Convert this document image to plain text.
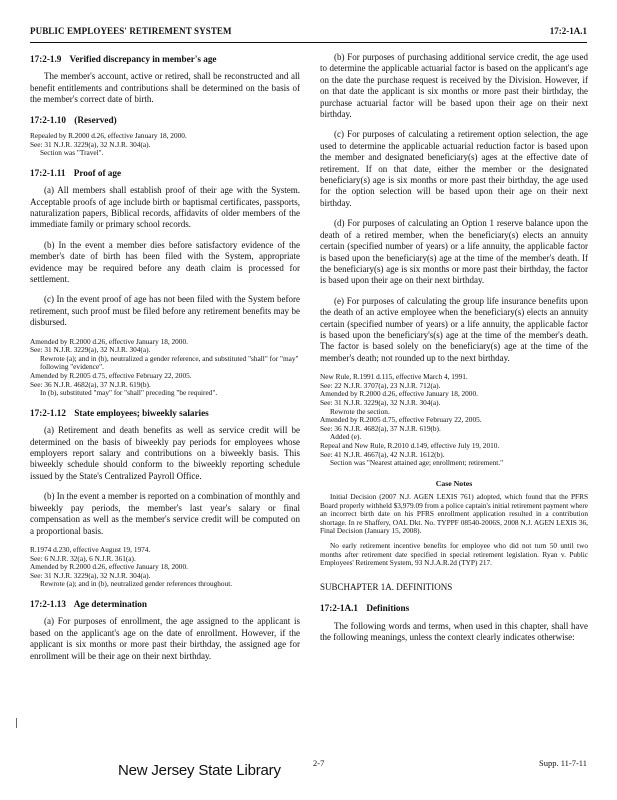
PUBLIC EMPLOYEES' RETIREMENT SYSTEM	17:2-1A.1
17:2-1.9 Verified discrepancy in member's age

The member's account, active or retired, shall be reconstructed and all benefit entitlements and contributions shall be determined on the basis of the member's correct date of birth.

17:2-1.10 (Reserved)
Repealed by R.2000 d.26, effective January 18, 2000.
See: 31 N.J.R. 3229(a), 32 N.J.R. 304(a).
Section was "Travel".
17:2-1.11 Proof of age

(a) All members shall establish proof of their age with the System. Acceptable proofs of age include birth or baptismal certificates, passports, naturalization papers, Biblical records, affidavits of older members of the immediate family or primary school records.

(b) In the event a member dies before satisfactory evidence of the member's date of birth has been filed with the System, appropriate evidence may be required before any death claim is processed for settlement.

(c) In the event proof of age has not been filed with the System before retirement, such proof must be filed before any retirement benefits may be disbursed.

Amended by R.2000 d.26, effective January 18, 2000.
See: 31 N.J.R. 3229(a), 32 N.J.R. 304(a).
Rewrote (a); and in (b), neutralized a gender reference, and substituted "shall" for "may" following "evidence".
Amended by R.2005 d.75, effective February 22, 2005.
See: 36 N.J.R. 4682(a), 37 N.J.R. 619(b).
In (b), substituted "may" for "shall" preceding "be required".
17:2-1.12 State employees; biweekly salaries

(a) Retirement and death benefits as well as service credit will be determined on the basis of biweekly pay periods for employees whose employers report salary and contributions on a biweekly basis. This biweekly schedule should conform to the biweekly reporting schedule issued by the State's Centralized Payroll Office.

(b) In the event a member is reported on a combination of monthly and biweekly pay periods, the member's last year's salary or final compensation as well as the member's service credit will be computed on a proportional basis.

R.1974 d.230, effective August 19, 1974.
See: 6 N.J.R. 32(a), 6 N.J.R. 361(a).
Amended by R.2000 d.26, effective January 18, 2000.
See: 31 N.J.R. 3229(a), 32 N.J.R. 304(a).
Rewrote (a); and in (b), neutralized gender references throughout.
17:2-1.13 Age determination

(a) For purposes of enrollment, the age assigned to the applicant is based on the applicant's age on the date of enrollment. However, if the applicant is six months or more past their birthday, the assigned age for enrollment will be their age on their next birthday.

(b) For purposes of purchasing additional service credit, the age used to determine the applicable actuarial factor is based on the applicant's age on the date the purchase request is received by the Division. However, if on that date the applicant is six months or more past their birthday, the purchase actuarial factor will be based upon their age on their next birthday.

(c) For purposes of calculating a retirement option selection, the age used to determine the applicable actuarial reduction factor is based upon the member and designated beneficiary(s) ages at the effective date of retirement. If on that date, either the member or the designated beneficiary(s) age is six months or more past their birthday, the age used for the option selection will be based upon their age on their next birthday.

(d) For purposes of calculating an Option 1 reserve balance upon the death of a retired member, when the beneficiary(s) elects an annuity certain (specified number of years) or a life annuity, the applicable factor is based upon the beneficiary(s) age at the time of the member's death. If the beneficiary(s) age is six months or more past their birthday, the factor is based upon their age on their next birthday.

(e) For purposes of calculating the group life insurance benefits upon the death of an active employee when the beneficiary(s) elects an annuity certain (specified number of years) or a life annuity, the applicable factor is based upon the beneficiary's(s) age at the time of the member's death. The factor is based solely on the beneficiary(s) age at the time of the member's death; not rounded up to the next birthday.

New Rule, R.1991 d.115, effective March 4, 1991.
See: 22 N.J.R. 3707(a), 23 N.J.R. 712(a).
Amended by R.2000 d.26, effective January 18, 2000.
See: 31 N.J.R. 3229(a), 32 N.J.R. 304(a).
Rewrote the section.
Amended by R.2005 d.75, effective February 22, 2005.
See: 36 N.J.R. 4682(a), 37 N.J.R. 619(b).
Added (e).
Repeal and New Rule, R.2010 d.149, effective July 19, 2010.
See: 41 N.J.R. 4667(a), 42 N.J.R. 1612(b).
Section was "Nearest attained age; enrollment; retirement."
Case Notes

Initial Decision (2007 N.J. AGEN LEXIS 761) adopted, which found that the PFRS Board properly withheld $3,979.09 from a police captain's initial retirement payment where an incorrect birth date on his PFRS enrollment application resulted in a contribution shortage. In re Shaffery, OAL Dkt. No. TYPPF 08540-2006S, 2008 N.J. AGEN LEXIS 36, Final Decision (January 15, 2008).

No early retirement incentive benefits for employee who did not turn 50 until two months after retirement date specified in special retirement legislation. Ryan v. Public Employees' Retirement System, 93 N.J.A.R.2d (TYP) 217.

SUBCHAPTER 1A. DEFINITIONS
17:2-1A.1 Definitions

The following words and terms, when used in this chapter, shall have the following meanings, unless the context clearly indicates otherwise:

New Jersey State Library	2-7	Supp. 11-7-11
